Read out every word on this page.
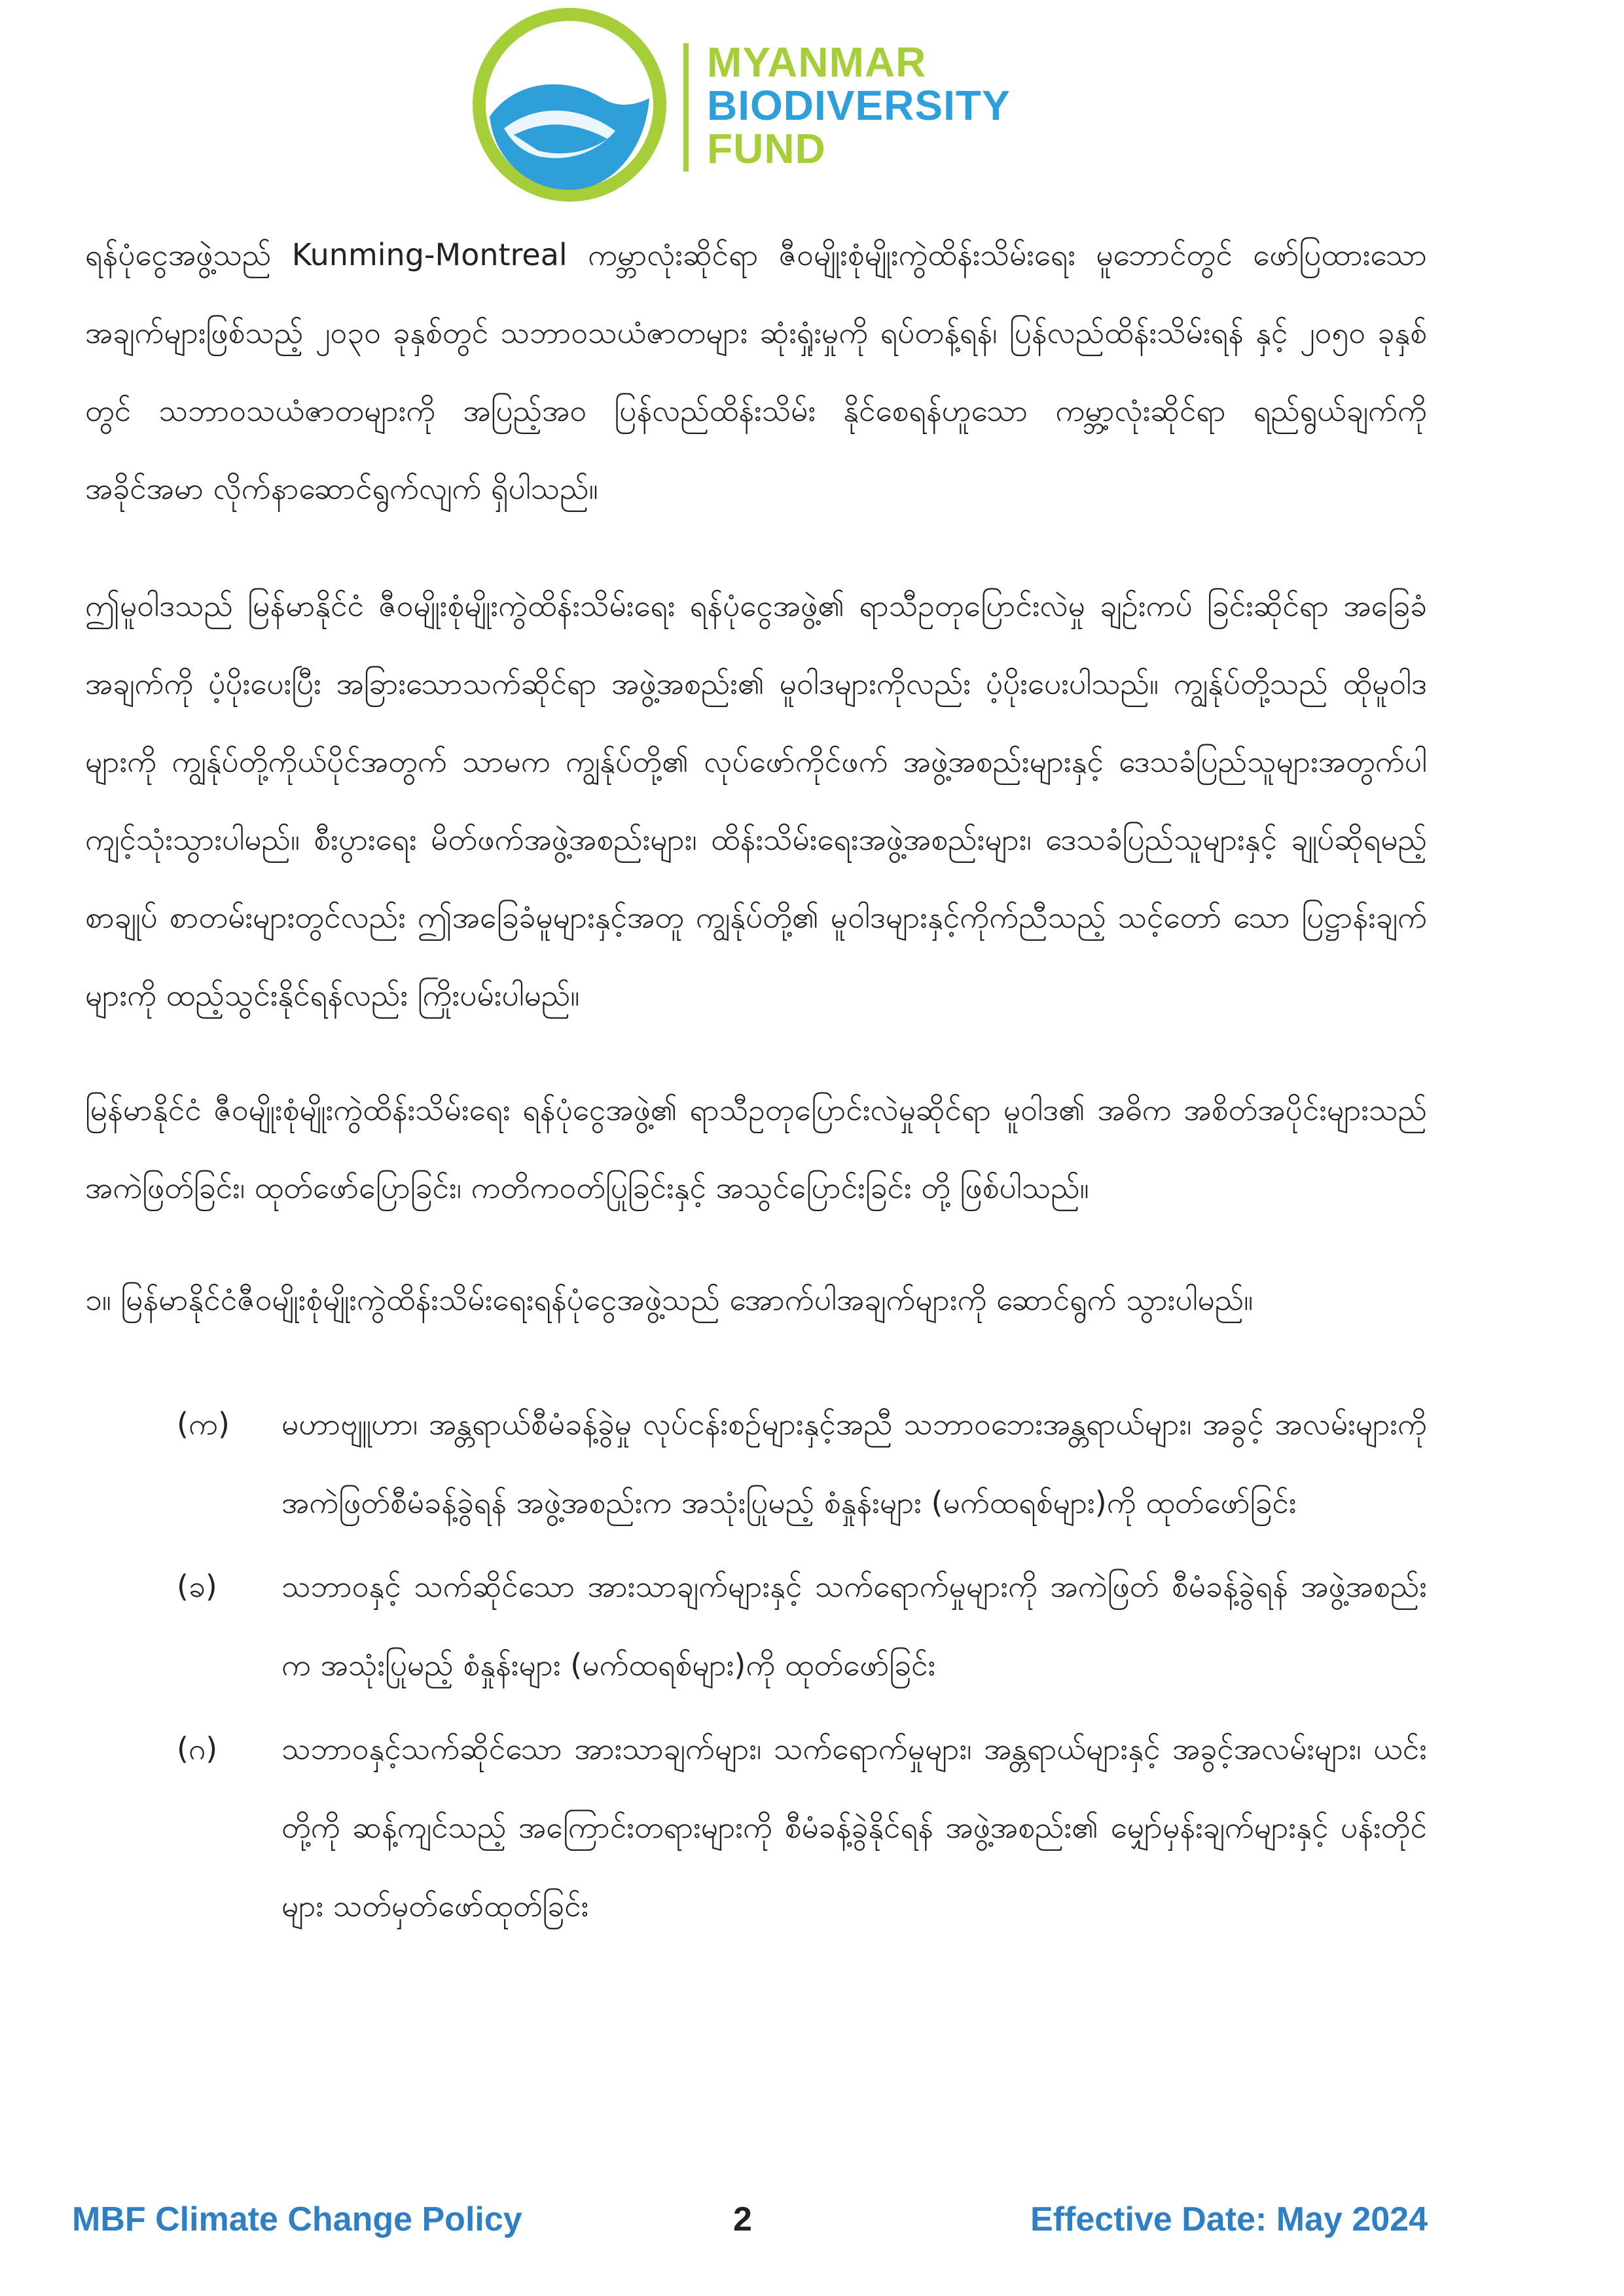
MYANMAR
BIODIVERSITY
FUND

ရန်ပုံငွေအဖွဲ့သည် Kunming-Montreal ကမ္ဘာလုံးဆိုင်ရာ ဇီဝမျိုးစုံမျိုးကွဲထိန်းသိမ်းရေး မူဘောင်တွင် ဖော်ပြထားသော အချက်များဖြစ်သည့် ၂၀၃၀ ခုနှစ်တွင် သဘာဝသယံဇာတများ ဆုံးရှုံးမှုကို ရပ်တန့်ရန်၊ ပြန်လည်ထိန်းသိမ်းရန် နှင့် ၂၀၅၀ ခုနှစ်တွင် သဘာဝသယံဇာတများကို အပြည့်အဝ ပြန်လည်ထိန်းသိမ်း နိုင်စေရန်ဟူသော ကမ္ဘာ့လုံးဆိုင်ရာ ရည်ရွယ်ချက်ကို အခိုင်အမာ လိုက်နာဆောင်ရွက်လျက် ရှိပါသည်။

ဤမူဝါဒသည် မြန်မာနိုင်ငံ ဇီဝမျိုးစုံမျိုးကွဲထိန်းသိမ်းရေး ရန်ပုံငွေအဖွဲ့၏ ရာသီဥတုပြောင်းလဲမှု ချဥ်းကပ် ခြင်းဆိုင်ရာ အခြေခံအချက်ကို ပံ့ပိုးပေးပြီး အခြားသောသက်ဆိုင်ရာ အဖွဲ့အစည်း၏ မူဝါဒများကိုလည်း ပံ့ပိုးပေးပါသည်။ ကျွန်ုပ်တို့သည် ထိုမူဝါဒများကို ကျွန်ုပ်တို့ကိုယ်ပိုင်အတွက် သာမက ကျွန်ုပ်တို့၏ လုပ်ဖော်ကိုင်ဖက် အဖွဲ့အစည်းများနှင့် ဒေသခံပြည်သူများအတွက်ပါ ကျင့်သုံးသွားပါမည်။ စီးပွားရေး မိတ်ဖက်အဖွဲ့အစည်းများ၊ ထိန်းသိမ်းရေးအဖွဲ့အစည်းများ၊ ဒေသခံပြည်သူများနှင့် ချုပ်ဆိုရမည့် စာချုပ် စာတမ်းများတွင်လည်း ဤအခြေခံမူများနှင့်အတူ ကျွန်ုပ်တို့၏ မူဝါဒများနှင့်ကိုက်ညီသည့် သင့်တော် သော ပြဋ္ဌာန်းချက်များကို ထည့်သွင်းနိုင်ရန်လည်း ကြိုးပမ်းပါမည်။

မြန်မာနိုင်ငံ ဇီဝမျိုးစုံမျိုးကွဲထိန်းသိမ်းရေး ရန်ပုံငွေအဖွဲ့၏ ရာသီဥတုပြောင်းလဲမှုဆိုင်ရာ မူဝါဒ၏ အဓိက အစိတ်အပိုင်းများသည် အကဲဖြတ်ခြင်း၊ ထုတ်ဖော်ပြောခြင်း၊ ကတိကဝတ်ပြုခြင်းနှင့် အသွင်ပြောင်းခြင်း တို့ ဖြစ်ပါသည်။

၁။ မြန်မာနိုင်ငံဇီဝမျိုးစုံမျိုးကွဲထိန်းသိမ်းရေးရန်ပုံငွေအဖွဲ့သည် အောက်ပါအချက်များကို ဆောင်ရွက် သွားပါမည်။

(က)	မဟာဗျူဟာ၊ အန္တရာယ်စီမံခန့်ခွဲမှု လုပ်ငန်းစဉ်များနှင့်အညီ သဘာဝဘေးအန္တရာယ်များ၊ အခွင့် အလမ်းများကို အကဲဖြတ်စီမံခန့်ခွဲရန် အဖွဲ့အစည်းက အသုံးပြုမည့် စံနှုန်းများ (မက်ထရစ်များ)ကို ထုတ်ဖော်ခြင်း
(ခ)	သဘာဝနှင့် သက်ဆိုင်သော အားသာချက်များနှင့် သက်ရောက်မှုများကို အကဲဖြတ် စီမံခန့်ခွဲရန် အဖွဲ့အစည်းက အသုံးပြုမည့် စံနှုန်းများ (မက်ထရစ်များ)ကို ထုတ်ဖော်ခြင်း
(ဂ)	သဘာဝနှင့်သက်ဆိုင်သော အားသာချက်များ၊ သက်ရောက်မှုများ၊ အန္တရာယ်များနှင့် အခွင့်အလမ်းများ၊ ယင်းတို့ကို ဆန့်ကျင်သည့် အကြောင်းတရားများကို စီမံခန့်ခွဲနိုင်ရန် အဖွဲ့အစည်း၏ မျှော်မှန်းချက်များနှင့် ပန်းတိုင်များ သတ်မှတ်ဖော်ထုတ်ခြင်း
MBF Climate Change Policy	2	Effective Date: May 2024
